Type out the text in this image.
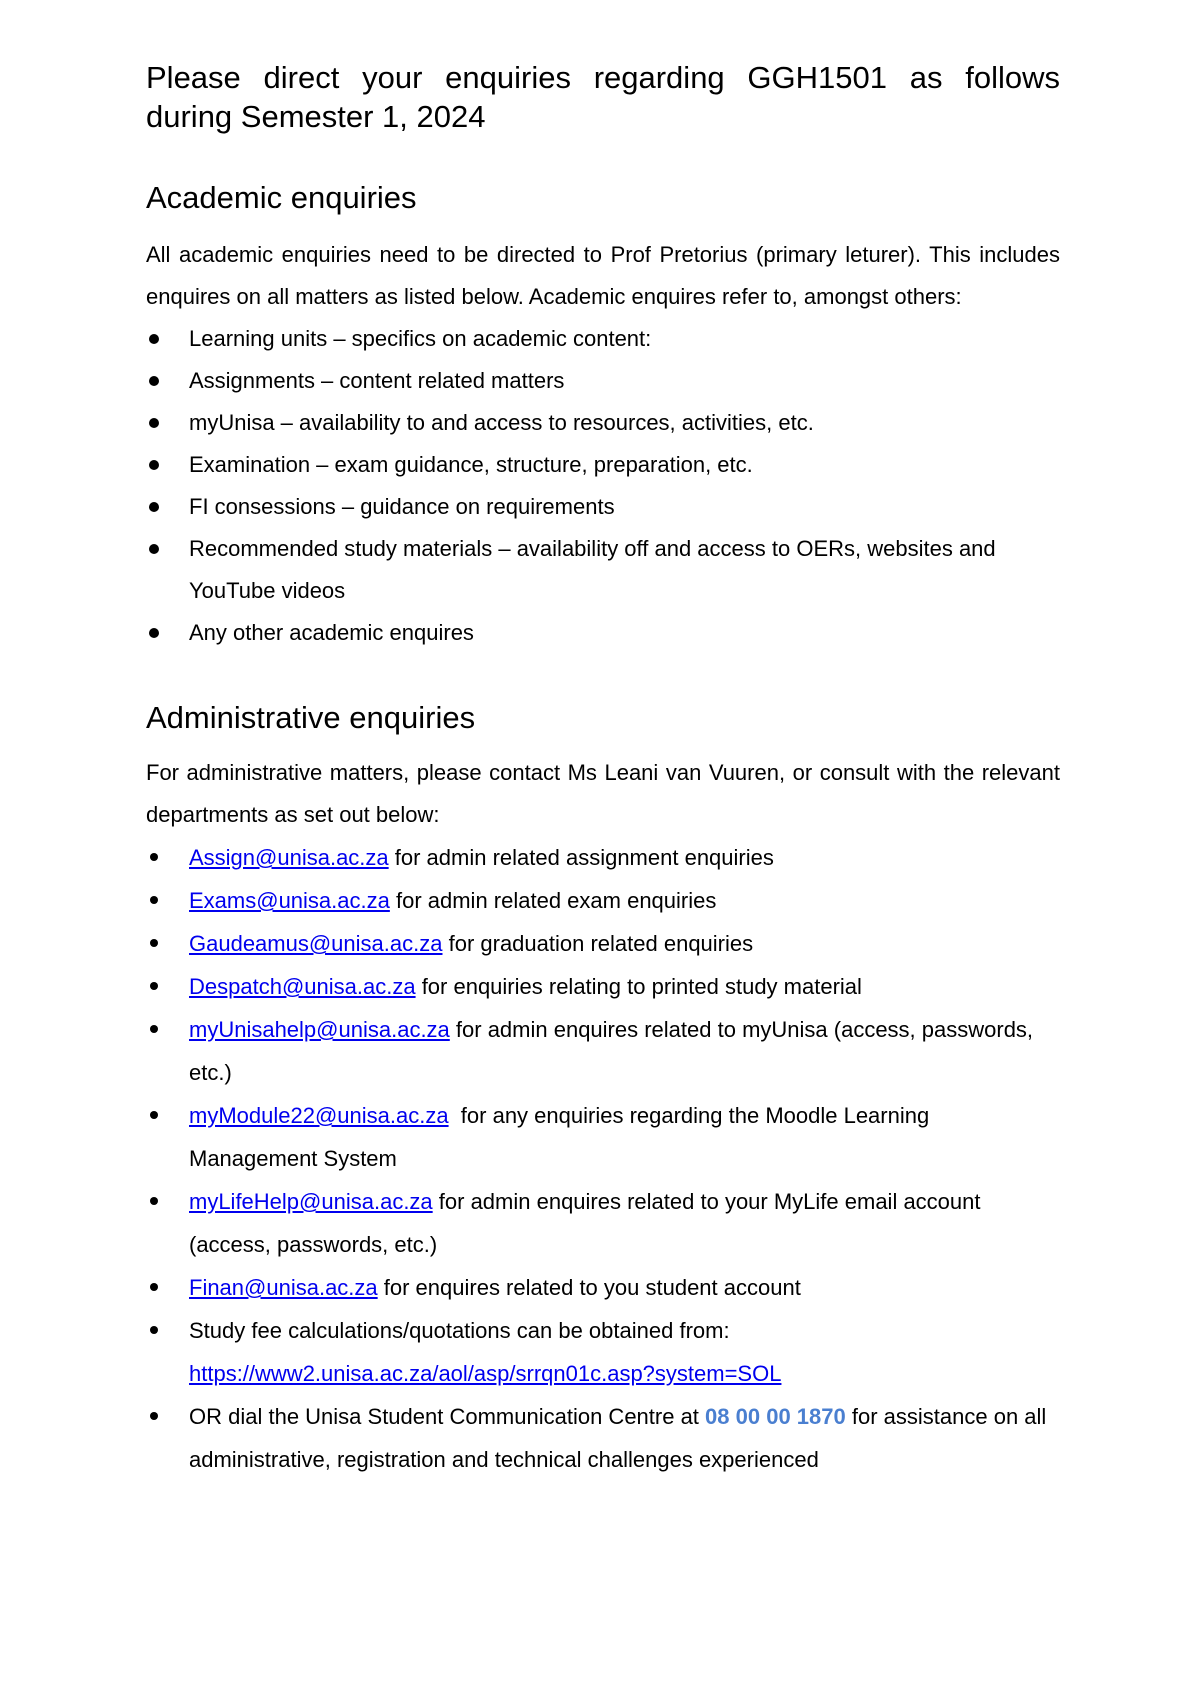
Please direct your enquiries regarding GGH1501 as follows
during Semester 1, 2024
Academic enquiries

All academic enquiries need to be directed to Prof Pretorius (primary leturer). This includes enquires on all matters as listed below. Academic enquires refer to, amongst others:

Learning units – specifics on academic content:
Assignments – content related matters
myUnisa – availability to and access to resources, activities, etc.
Examination – exam guidance, structure, preparation, etc.
FI consessions – guidance on requirements
Recommended study materials – availability off and access to OERs, websites and YouTube videos
Any other academic enquires
Administrative enquiries

For administrative matters, please contact Ms Leani van Vuuren, or consult with the relevant departments as set out below:

Assign@unisa.ac.za for admin related assignment enquiries
Exams@unisa.ac.za for admin related exam enquiries
Gaudeamus@unisa.ac.za for graduation related enquiries
Despatch@unisa.ac.za for enquiries relating to printed study material
myUnisahelp@unisa.ac.za for admin enquires related to myUnisa (access, passwords, etc.)
myModule22@unisa.ac.za  for any enquiries regarding the Moodle Learning Management System
myLifeHelp@unisa.ac.za for admin enquires related to your MyLife email account (access, passwords, etc.)
Finan@unisa.ac.za for enquires related to you student account
Study fee calculations/quotations can be obtained from:
https://www2.unisa.ac.za/aol/asp/srrqn01c.asp?system=SOL
OR dial the Unisa Student Communication Centre at 08 00 00 1870 for assistance on all administrative, registration and technical challenges experienced
